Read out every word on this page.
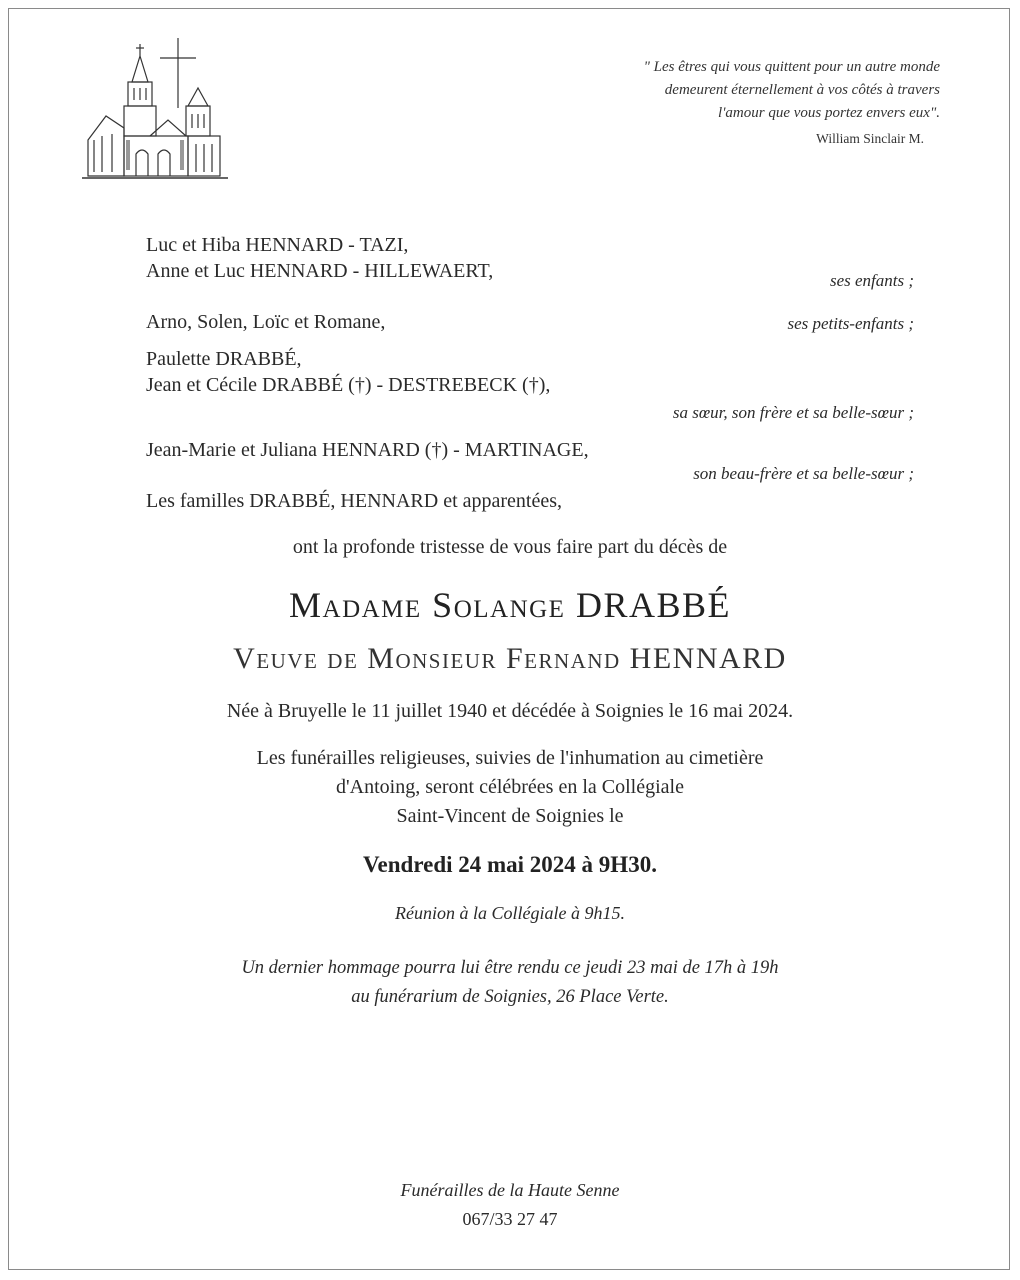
" Les êtres qui vous quittent pour un autre monde
demeurent éternellement à vos côtés à travers
l'amour que vous portez envers eux".
William Sinclair M.
Luc et Hiba HENNARD - TAZI,
Anne et Luc HENNARD - HILLEWAERT,	ses enfants ;
Arno, Solen, Loïc et Romane,	ses petits-enfants ;
Paulette DRABBÉ,
Jean et Cécile DRABBÉ (†) - DESTREBECK (†),
sa sœur, son frère et sa belle-sœur ;
Jean-Marie et Juliana HENNARD (†) - MARTINAGE,
son beau-frère et sa belle-sœur ;
Les familles DRABBÉ, HENNARD et apparentées,
ont la profonde tristesse de vous faire part du décès de
Madame Solange DRABBÉ
Veuve de Monsieur Fernand HENNARD
Née à Bruyelle le 11 juillet 1940 et décédée à Soignies le 16 mai 2024.
Les funérailles religieuses, suivies de l'inhumation au cimetière
d'Antoing, seront célébrées en la Collégiale
Saint-Vincent de Soignies le
Vendredi 24 mai 2024 à 9H30.
Réunion à la Collégiale à 9h15.
Un dernier hommage pourra lui être rendu ce jeudi 23 mai de 17h à 19h
au funérarium de Soignies, 26 Place Verte.
Funérailles de la Haute Senne
067/33 27 47
